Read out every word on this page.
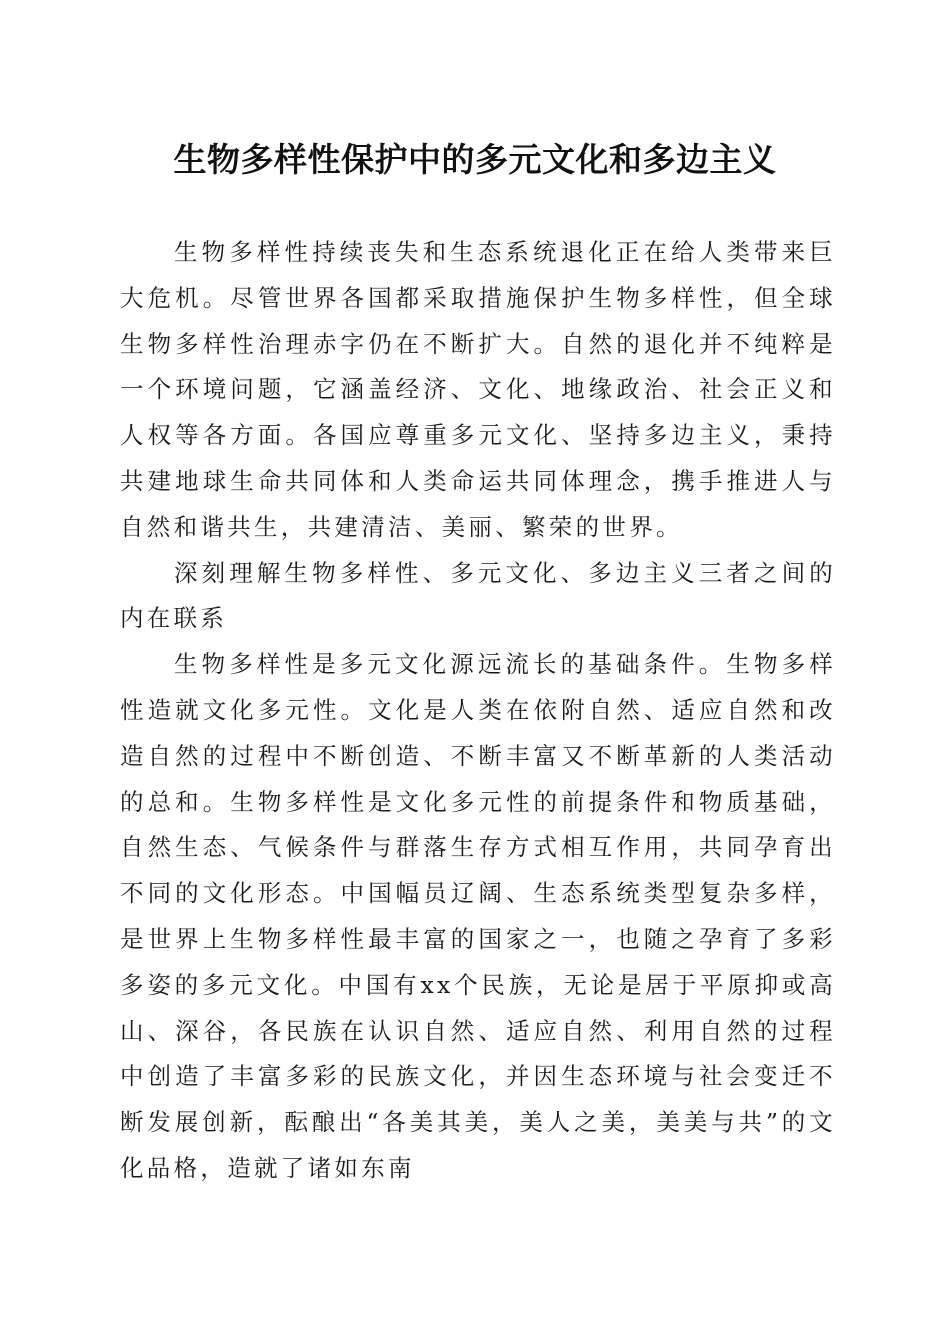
生物多样性保护中的多元文化和多边主义

生物多样性持续丧失和生态系统退化正在给人类带来巨大危机。尽管世界各国都采取措施保护生物多样性，但全球生物多样性治理赤字仍在不断扩大。自然的退化并不纯粹是一个环境问题，它涵盖经济、文化、地缘政治、社会正义和人权等各方面。各国应尊重多元文化、坚持多边主义，秉持共建地球生命共同体和人类命运共同体理念，携手推进人与自然和谐共生，共建清洁、美丽、繁荣的世界。

深刻理解生物多样性、多元文化、多边主义三者之间的内在联系

生物多样性是多元文化源远流长的基础条件。生物多样性造就文化多元性。文化是人类在依附自然、适应自然和改造自然的过程中不断创造、不断丰富又不断革新的人类活动的总和。生物多样性是文化多元性的前提条件和物质基础，自然生态、气候条件与群落生存方式相互作用，共同孕育出不同的文化形态。中国幅员辽阔、生态系统类型复杂多样，是世界上生物多样性最丰富的国家之一，也随之孕育了多彩多姿的多元文化。中国有xx个民族，无论是居于平原抑或高山、深谷，各民族在认识自然、适应自然、利用自然的过程中创造了丰富多彩的民族文化，并因生态环境与社会变迁不断发展创新，酝酿出“各美其美，美人之美，美美与共”的文化品格，造就了诸如东南
